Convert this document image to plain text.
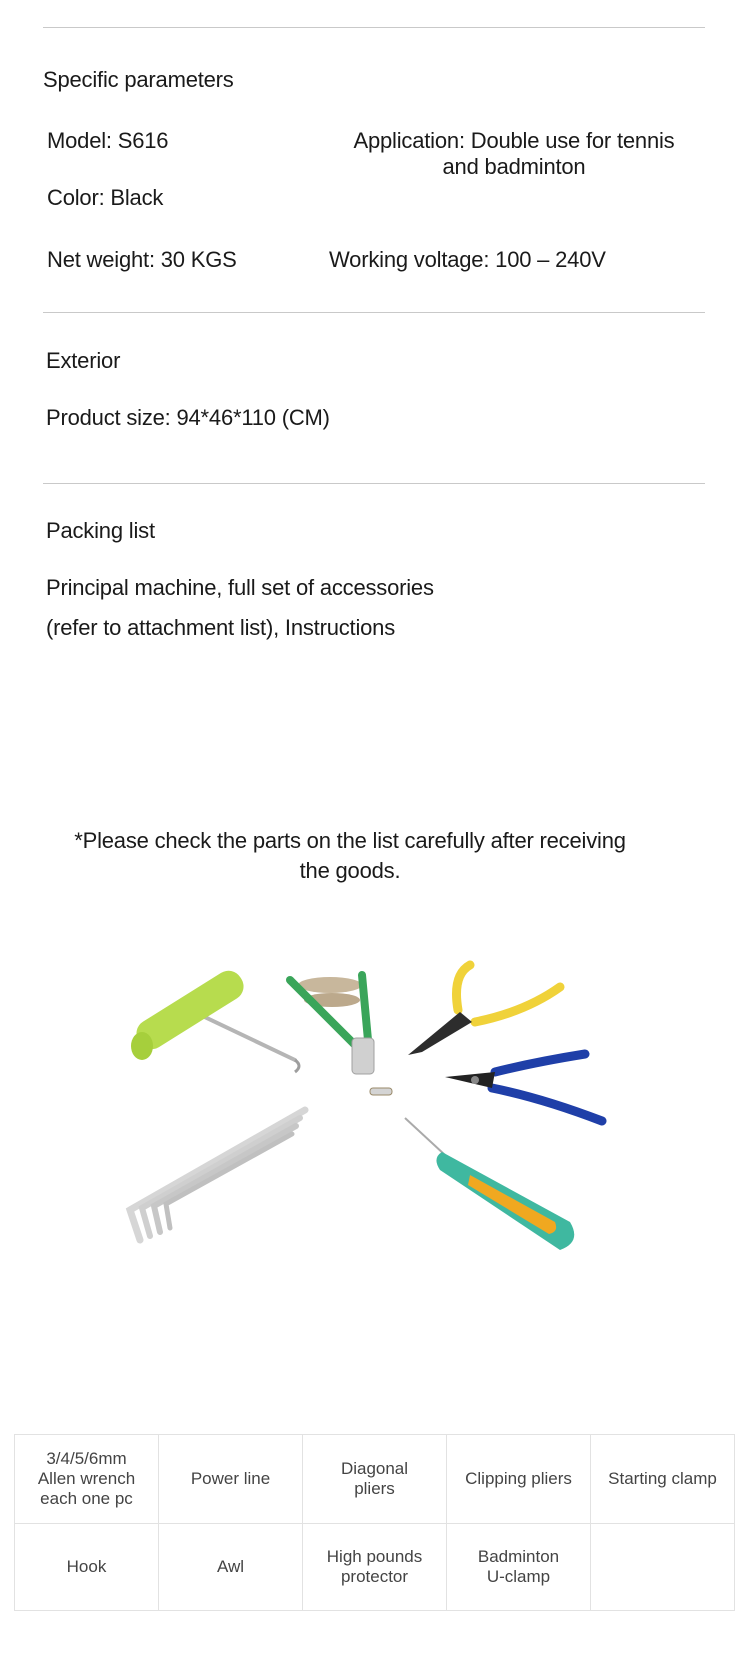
Specific parameters
Model: S616	Application: Double use for tennis
and badminton
Color: Black
Net weight: 30 KGS	Working voltage: 100 – 240V
Exterior
Product size: 94*46*110 (CM)
Packing list
Principal machine, full set of accessories
(refer to attachment list), Instructions
*Please check the parts on the list carefully after receiving the goods.
3/4/5/6mm Allen wrench each one pc	Power line	Diagonal pliers	Clipping pliers	Starting clamp
Hook	Awl	High pounds protector	Badminton U-clamp	
